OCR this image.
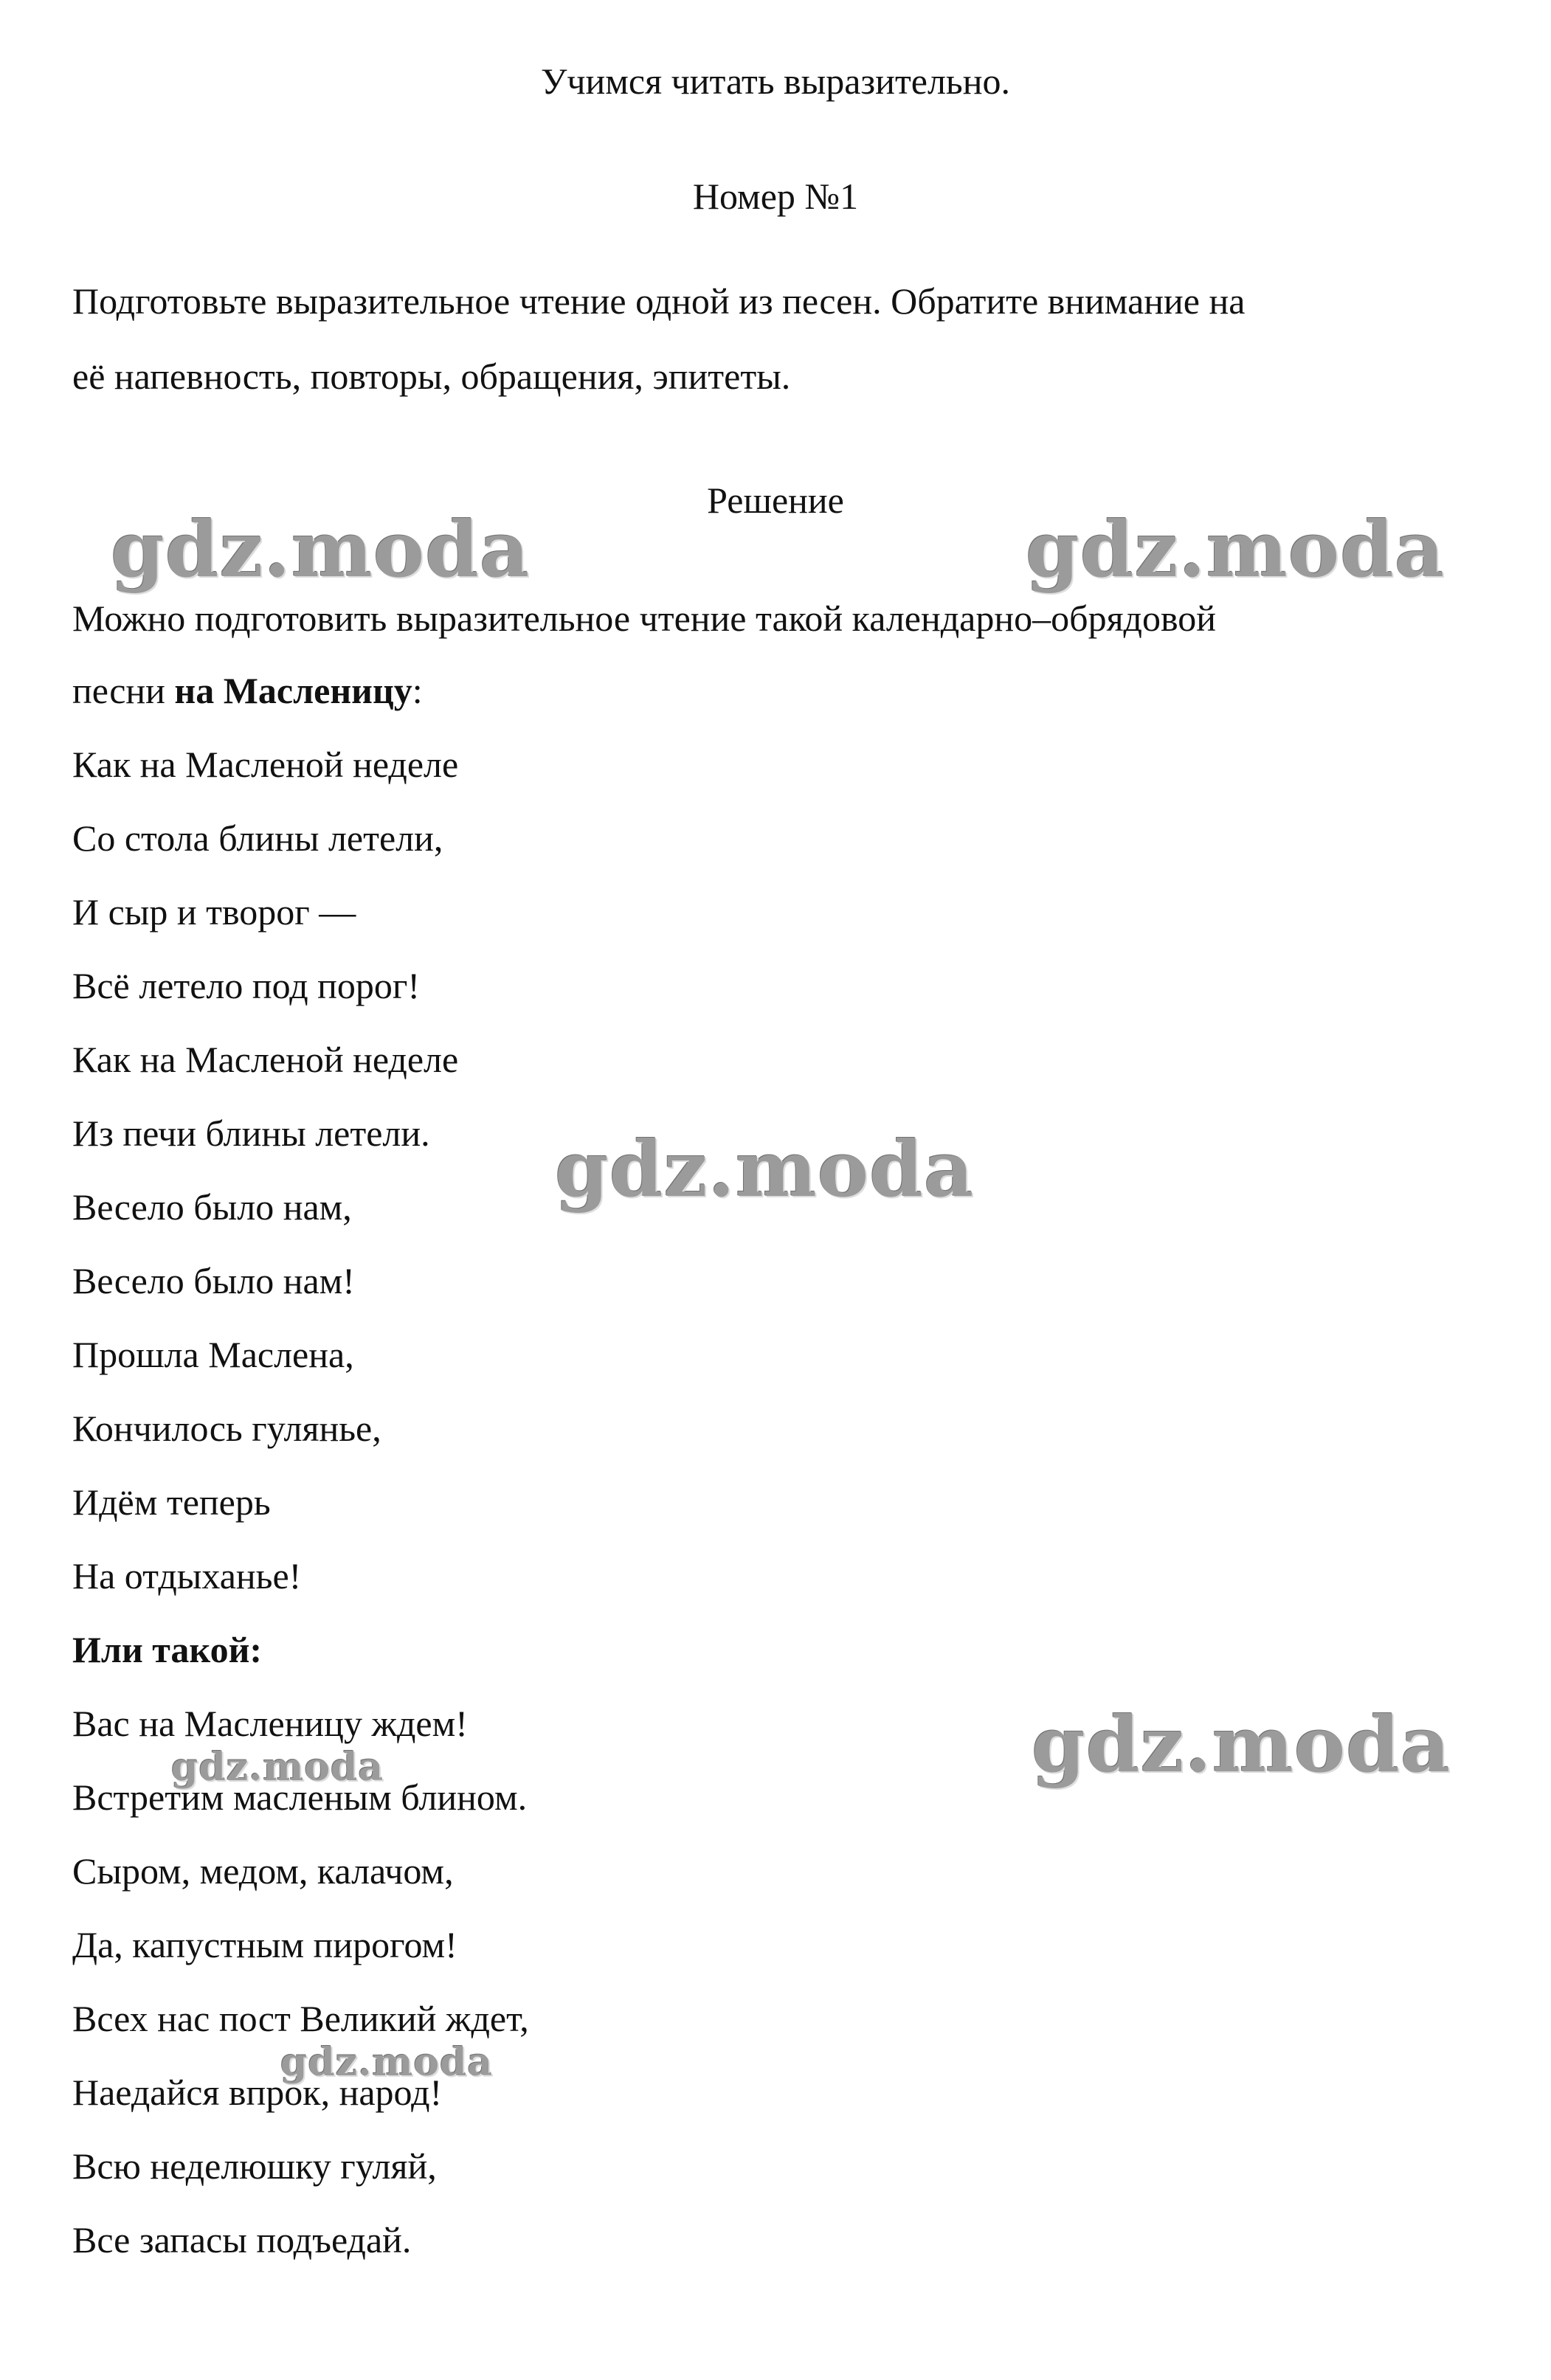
Учимся читать выразительно.
Номер №1
Подготовьте выразительное чтение одной из песен. Обратите внимание на
её напевность, повторы, обращения, эпитеты.
Решение
Можно подготовить выразительное чтение такой календарно–обрядовой
песни на Масленицу:
Как на Масленой неделе
Со стола блины летели,
И сыр и творог —
Всё летело под порог!
Как на Масленой неделе
Из печи блины летели.
Весело было нам,
Весело было нам!
Прошла Маслена,
Кончилось гулянье,
Идём теперь
На отдыханье!
Или такой:
Вас на Масленицу ждем!
Встретим масленым блином.
Сыром, медом, калачом,
Да, капустным пирогом!
Всех нас пост Великий ждет,
Наедайся впрок, народ!
Всю неделюшку гуляй,
Все запасы подъедай.
gdz.moda	gdz.moda
gdz.moda
gdz.moda
gdz.moda
gdz.moda
